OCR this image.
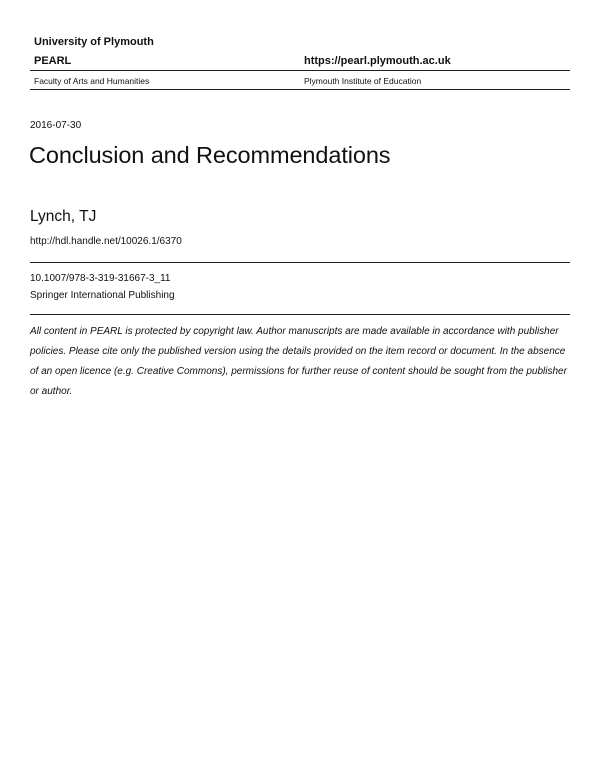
University of Plymouth
PEARL	https://pearl.plymouth.ac.uk
Faculty of Arts and Humanities	Plymouth Institute of Education
2016-07-30
Conclusion and Recommendations
Lynch, TJ
http://hdl.handle.net/10026.1/6370
10.1007/978-3-319-31667-3_11
Springer International Publishing
All content in PEARL is protected by copyright law. Author manuscripts are made available in accordance with publisher policies. Please cite only the published version using the details provided on the item record or document. In the absence of an open licence (e.g. Creative Commons), permissions for further reuse of content should be sought from the publisher or author.
